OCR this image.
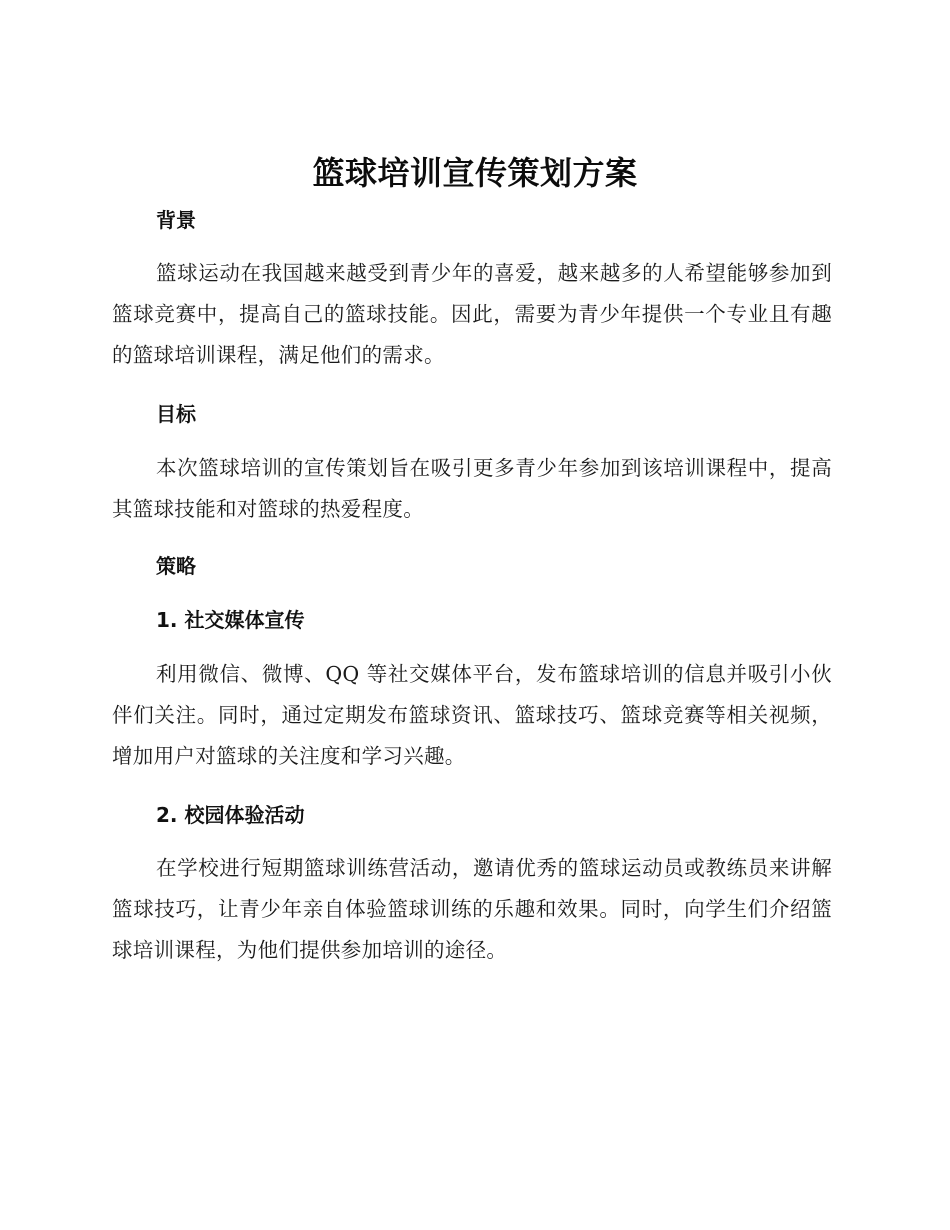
篮球培训宣传策划方案
背景
篮球运动在我国越来越受到青少年的喜爱，越来越多的人希望能够参加到篮球竞赛中，提高自己的篮球技能。因此，需要为青少年提供一个专业且有趣的篮球培训课程，满足他们的需求。
目标
本次篮球培训的宣传策划旨在吸引更多青少年参加到该培训课程中，提高其篮球技能和对篮球的热爱程度。
策略
1. 社交媒体宣传
利用微信、微博、QQ 等社交媒体平台，发布篮球培训的信息并吸引小伙伴们关注。同时，通过定期发布篮球资讯、篮球技巧、篮球竞赛等相关视频，增加用户对篮球的关注度和学习兴趣。
2. 校园体验活动
在学校进行短期篮球训练营活动，邀请优秀的篮球运动员或教练员来讲解篮球技巧，让青少年亲自体验篮球训练的乐趣和效果。同时，向学生们介绍篮球培训课程，为他们提供参加培训的途径。
